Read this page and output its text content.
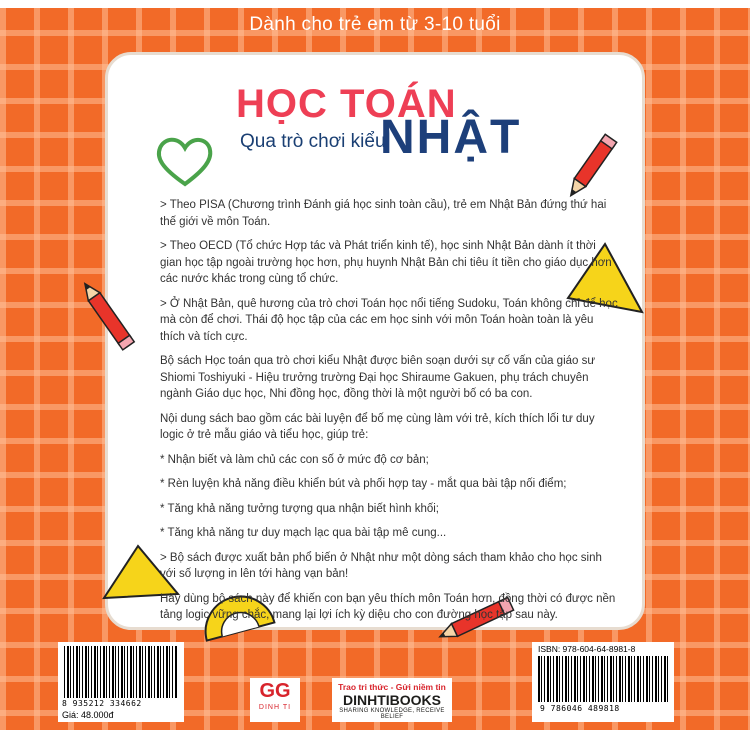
Dành cho trẻ em từ 3-10 tuổi
HỌC TOÁN
Qua trò chơi kiểu
NHẬT

> Theo PISA (Chương trình Đánh giá học sinh toàn cầu), trẻ em Nhật Bản đứng thứ hai thế giới về môn Toán.

> Theo OECD (Tổ chức Hợp tác và Phát triển kinh tế), học sinh Nhật Bản dành ít thời gian học tập ngoài trường học hơn, phụ huynh Nhật Bản chi tiêu ít tiền cho giáo dục hơn các nước khác trong cùng tổ chức.

> Ở Nhật Bản, quê hương của trò chơi Toán học nổi tiếng Sudoku, Toán không chỉ để học mà còn để chơi. Thái độ học tập của các em học sinh với môn Toán hoàn toàn là yêu thích và tích cực.

Bộ sách Học toán qua trò chơi kiểu Nhật được biên soạn dưới sự cố vấn của giáo sư Shiomi Toshiyuki - Hiệu trưởng trường Đại học Shiraume Gakuen, phụ trách chuyên ngành Giáo dục học, Nhi đồng học, đồng thời là một người bố có ba con.

Nội dung sách bao gồm các bài luyện để bố mẹ cùng làm với trẻ, kích thích lối tư duy logic ở trẻ mẫu giáo và tiểu học, giúp trẻ:

* Nhận biết và làm chủ các con số ở mức độ cơ bản;

* Rèn luyện khả năng điều khiển bút và phối hợp tay - mắt qua bài tập nối điểm;

* Tăng khả năng tưởng tượng qua nhận biết hình khối;

* Tăng khả năng tư duy mạch lạc qua bài tập mê cung...

> Bộ sách được xuất bản phổ biến ở Nhật như một dòng sách tham khảo cho học sinh với số lượng in lên tới hàng vạn bản!

Hãy dùng bộ sách này để khiến con bạn yêu thích môn Toán hơn, đồng thời có được nền tảng logic vững chắc, mang lại lợi ích kỳ diệu cho con đường học tập sau này.

8 935212 334662
Giá: 48.000đ
ISBN: 978-604-64-8981-8
9 786046 489818
GG
DINH TI
Trao tri thức - Gửi niềm tin
DINHTIBOOKS
SHARING KNOWLEDGE, RECEIVE BELIEF
